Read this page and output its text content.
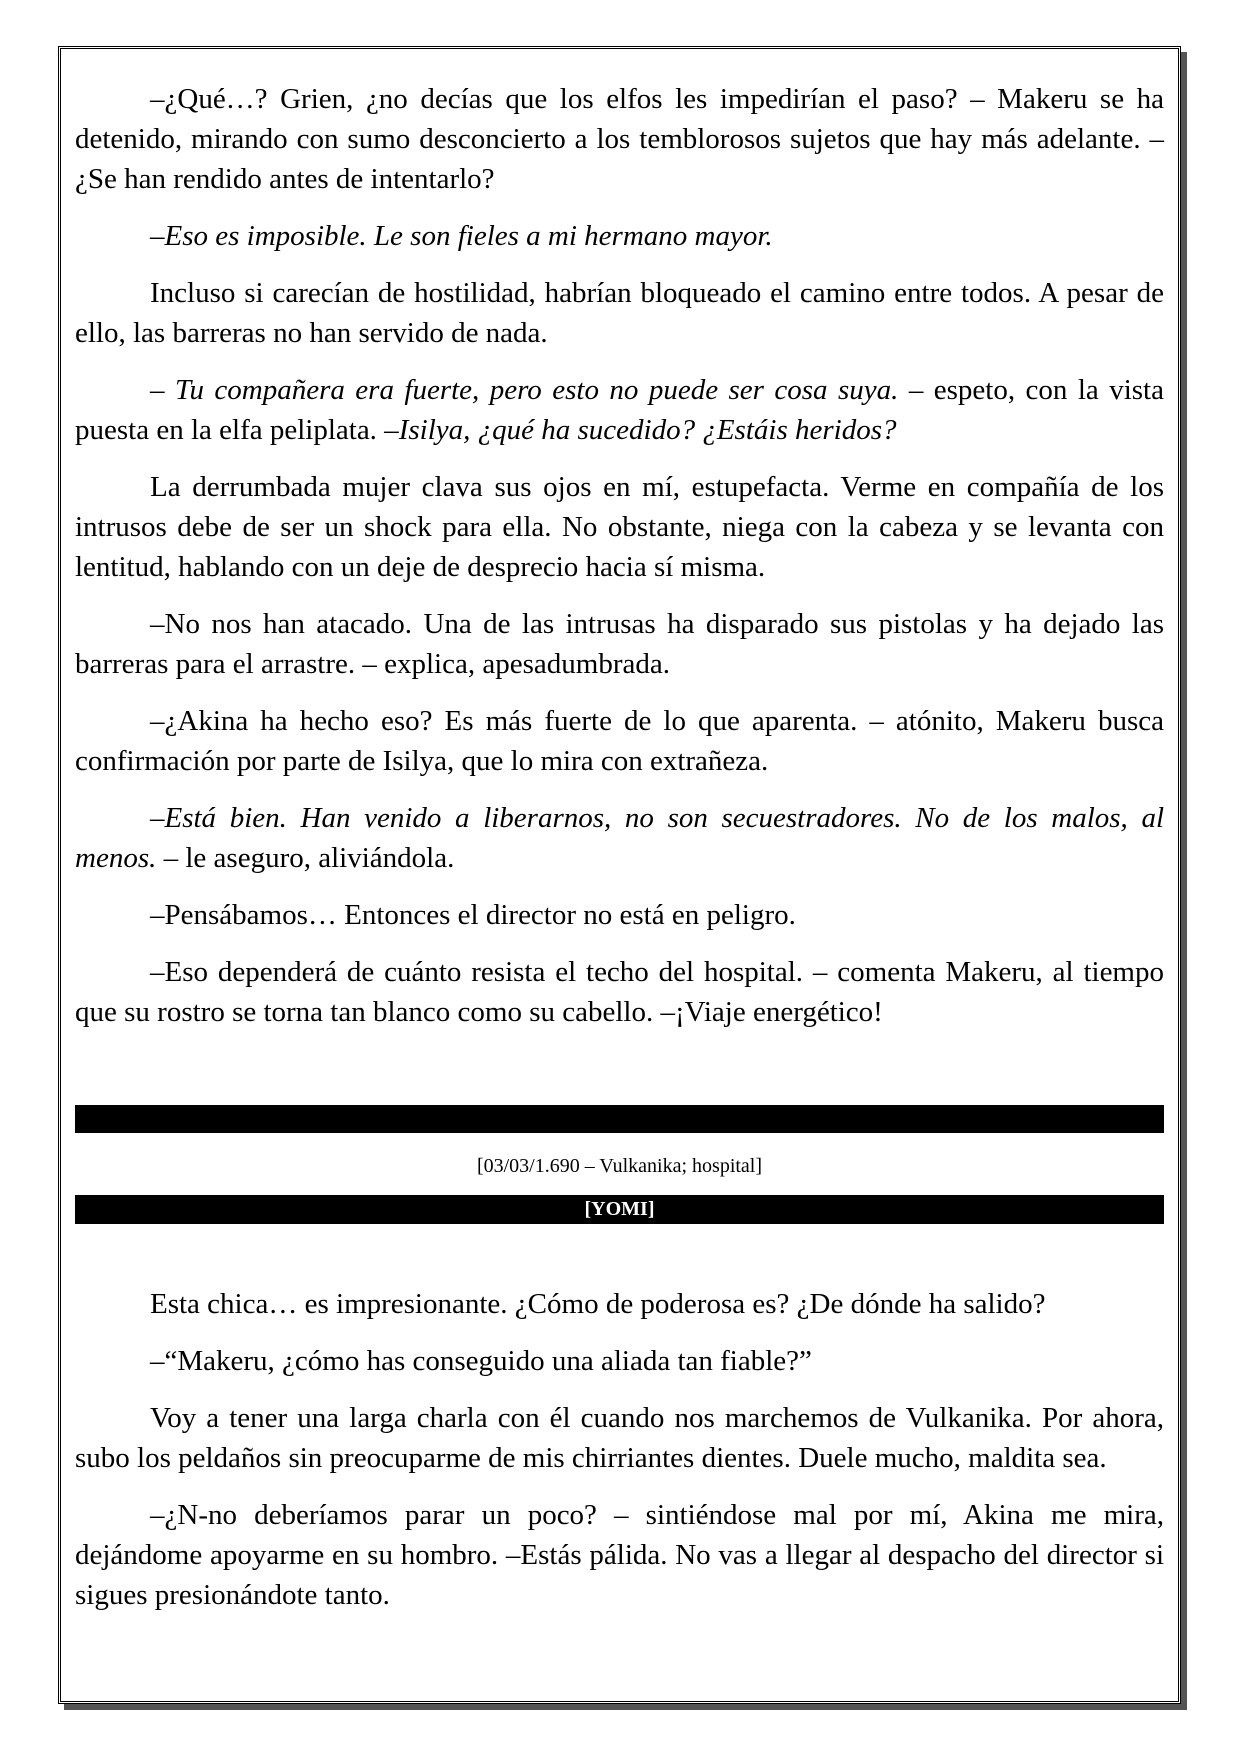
–¿Qué…? Grien, ¿no decías que los elfos les impedirían el paso? – Makeru se ha detenido, mirando con sumo desconcierto a los temblorosos sujetos que hay más adelante. –¿Se han rendido antes de intentarlo?

–Eso es imposible. Le son fieles a mi hermano mayor.

Incluso si carecían de hostilidad, habrían bloqueado el camino entre todos. A pesar de ello, las barreras no han servido de nada.

– Tu compañera era fuerte, pero esto no puede ser cosa suya. – espeto, con la vista puesta en la elfa peliplata. –Isilya, ¿qué ha sucedido? ¿Estáis heridos?

La derrumbada mujer clava sus ojos en mí, estupefacta. Verme en compañía de los intrusos debe de ser un shock para ella. No obstante, niega con la cabeza y se levanta con lentitud, hablando con un deje de desprecio hacia sí misma.

–No nos han atacado. Una de las intrusas ha disparado sus pistolas y ha dejado las barreras para el arrastre. – explica, apesadumbrada.

–¿Akina ha hecho eso? Es más fuerte de lo que aparenta. – atónito, Makeru busca confirmación por parte de Isilya, que lo mira con extrañeza.

–Está bien. Han venido a liberarnos, no son secuestradores. No de los malos, al menos. – le aseguro, aliviándola.

–Pensábamos… Entonces el director no está en peligro.

–Eso dependerá de cuánto resista el techo del hospital. – comenta Makeru, al tiempo que su rostro se torna tan blanco como su cabello. –¡Viaje energético!

[03/03/1.690 – Vulkanika; hospital]
[YOMI]

Esta chica… es impresionante. ¿Cómo de poderosa es? ¿De dónde ha salido?

–“Makeru, ¿cómo has conseguido una aliada tan fiable?”

Voy a tener una larga charla con él cuando nos marchemos de Vulkanika. Por ahora, subo los peldaños sin preocuparme de mis chirriantes dientes. Duele mucho, maldita sea.

–¿N-no deberíamos parar un poco? – sintiéndose mal por mí, Akina me mira, dejándome apoyarme en su hombro. –Estás pálida. No vas a llegar al despacho del director si sigues presionándote tanto.
